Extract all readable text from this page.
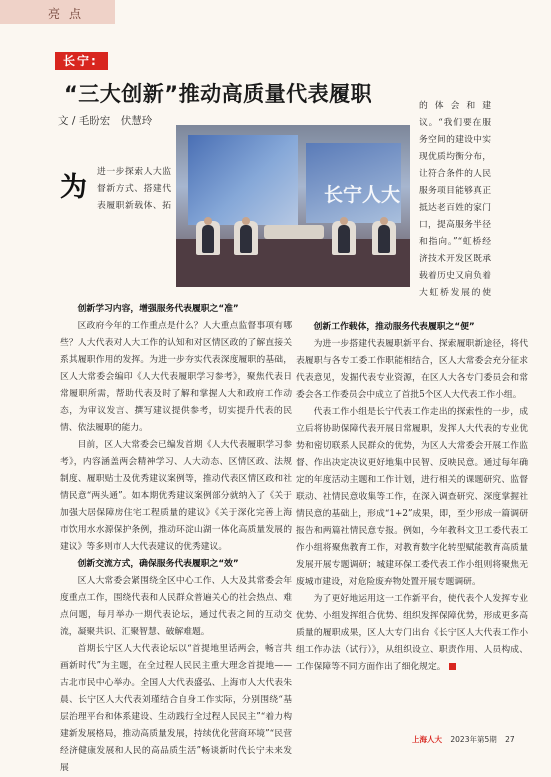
亮点
长宁:
“三大创新”推动高质量代表履职
文 / 毛盼宏　伏慧玲
长宁人大
为 进一步探索人大监督新方式、搭建代表履职新载体、拓

创新学习内容，增强服务代表履职之“准”

区政府今年的工作重点是什么？人大重点监督事项有哪些？人大代表对人大工作的认知和对区情区政的了解直接关系其履职作用的发挥。为进一步夯实代表深度履职的基础，区人大常委会编印《人大代表履职学习参考》，聚焦代表日常履职所需，帮助代表及时了解和掌握人大和政府工作动态，为审议发言、撰写建议提供参考，切实提升代表的民情、依法履职的能力。

目前，区人大常委会已编发首期《人大代表履职学习参考》，内容涵盖两会精神学习、人大动态、区情区政、法规制度、履职贴士及优秀建议案例等，推动代表区情区政和社情民意“两头通”。如本期优秀建议案例部分就纳入了《关于加强大居保障房住宅工程质量的建议》《关于深化完善上海市饮用水水源保护条例，推动环淀山湖一体化高质量发展的建议》等多则市人大代表建议的优秀建议。

创新交流方式，确保服务代表履职之“效”

区人大常委会紧围绕全区中心工作、人大及其常委会年度重点工作，围绕代表和人民群众普遍关心的社会热点、难点问题，每月举办一期代表论坛，通过代表之间的互动交流，凝聚共识、汇聚智慧、破解难题。

首期长宁区人大代表论坛以“首提地里话两会，畅言共画新时代”为主题，在全过程人民民主重大理念首提地——古北市民中心举办。全国人大代表盛弘、上海市人大代表朱晨、长宁区人大代表刘瑾结合自身工作实际，分别围绕“基层治理平台和体系建设、生动践行全过程人民民主”“着力构建新发展格局，推动高质量发展，持续优化营商环境”“民营经济健康发展和人民的高品质生活”畅谈新时代长宁未来发展

的体会和建议。“我们要在服务空间的建设中实现优质均衡分布，让符合条件的人民服务项目能够真正抵达老百姓的家门口，提高服务半径和指向。”“虹桥经济技术开发区既承载着历史又肩负着大虹桥发展的使

创新工作载体，推动服务代表履职之“便”

为进一步搭建代表履职新平台、探索履职新途径，将代表履职与各专工委工作职能相结合，区人大常委会充分征求代表意见，发掘代表专业资源，在区人大各专门委员会和常委会各工作委员会中成立了首批5个区人大代表工作小组。

代表工作小组是长宁代表工作走出的探索性的一步，成立后将协助保障代表开展日常履职，发挥人大代表的专业优势和密切联系人民群众的优势，为区人大常委会开展工作监督、作出决定决议更好地集中民智、反映民意。通过每年确定的年度活动主题和工作计划，进行相关的课题研究、监督联动、社情民意收集等工作，在深入调查研究、深度掌握社情民意的基础上，形成“1+2”成果，即，至少形成一篇调研报告和两篇社情民意专报。例如，今年教科文卫工委代表工作小组将聚焦教育工作，对教育数字化转型赋能教育高质量发展开展专题调研；城建环保工委代表工作小组则将聚焦无废城市建设，对危险废弃物处置开展专题调研。

为了更好地运用这一工作新平台，使代表个人发挥专业优势、小组发挥组合优势、组织发挥保障优势，形成更多高质量的履职成果，区人大专门出台《长宁区人大代表工作小组工作办法（试行）》，从组织设立、职责作用、人员构成、工作保障等不同方面作出了细化规定。

上海人大 2023年第5期 27
